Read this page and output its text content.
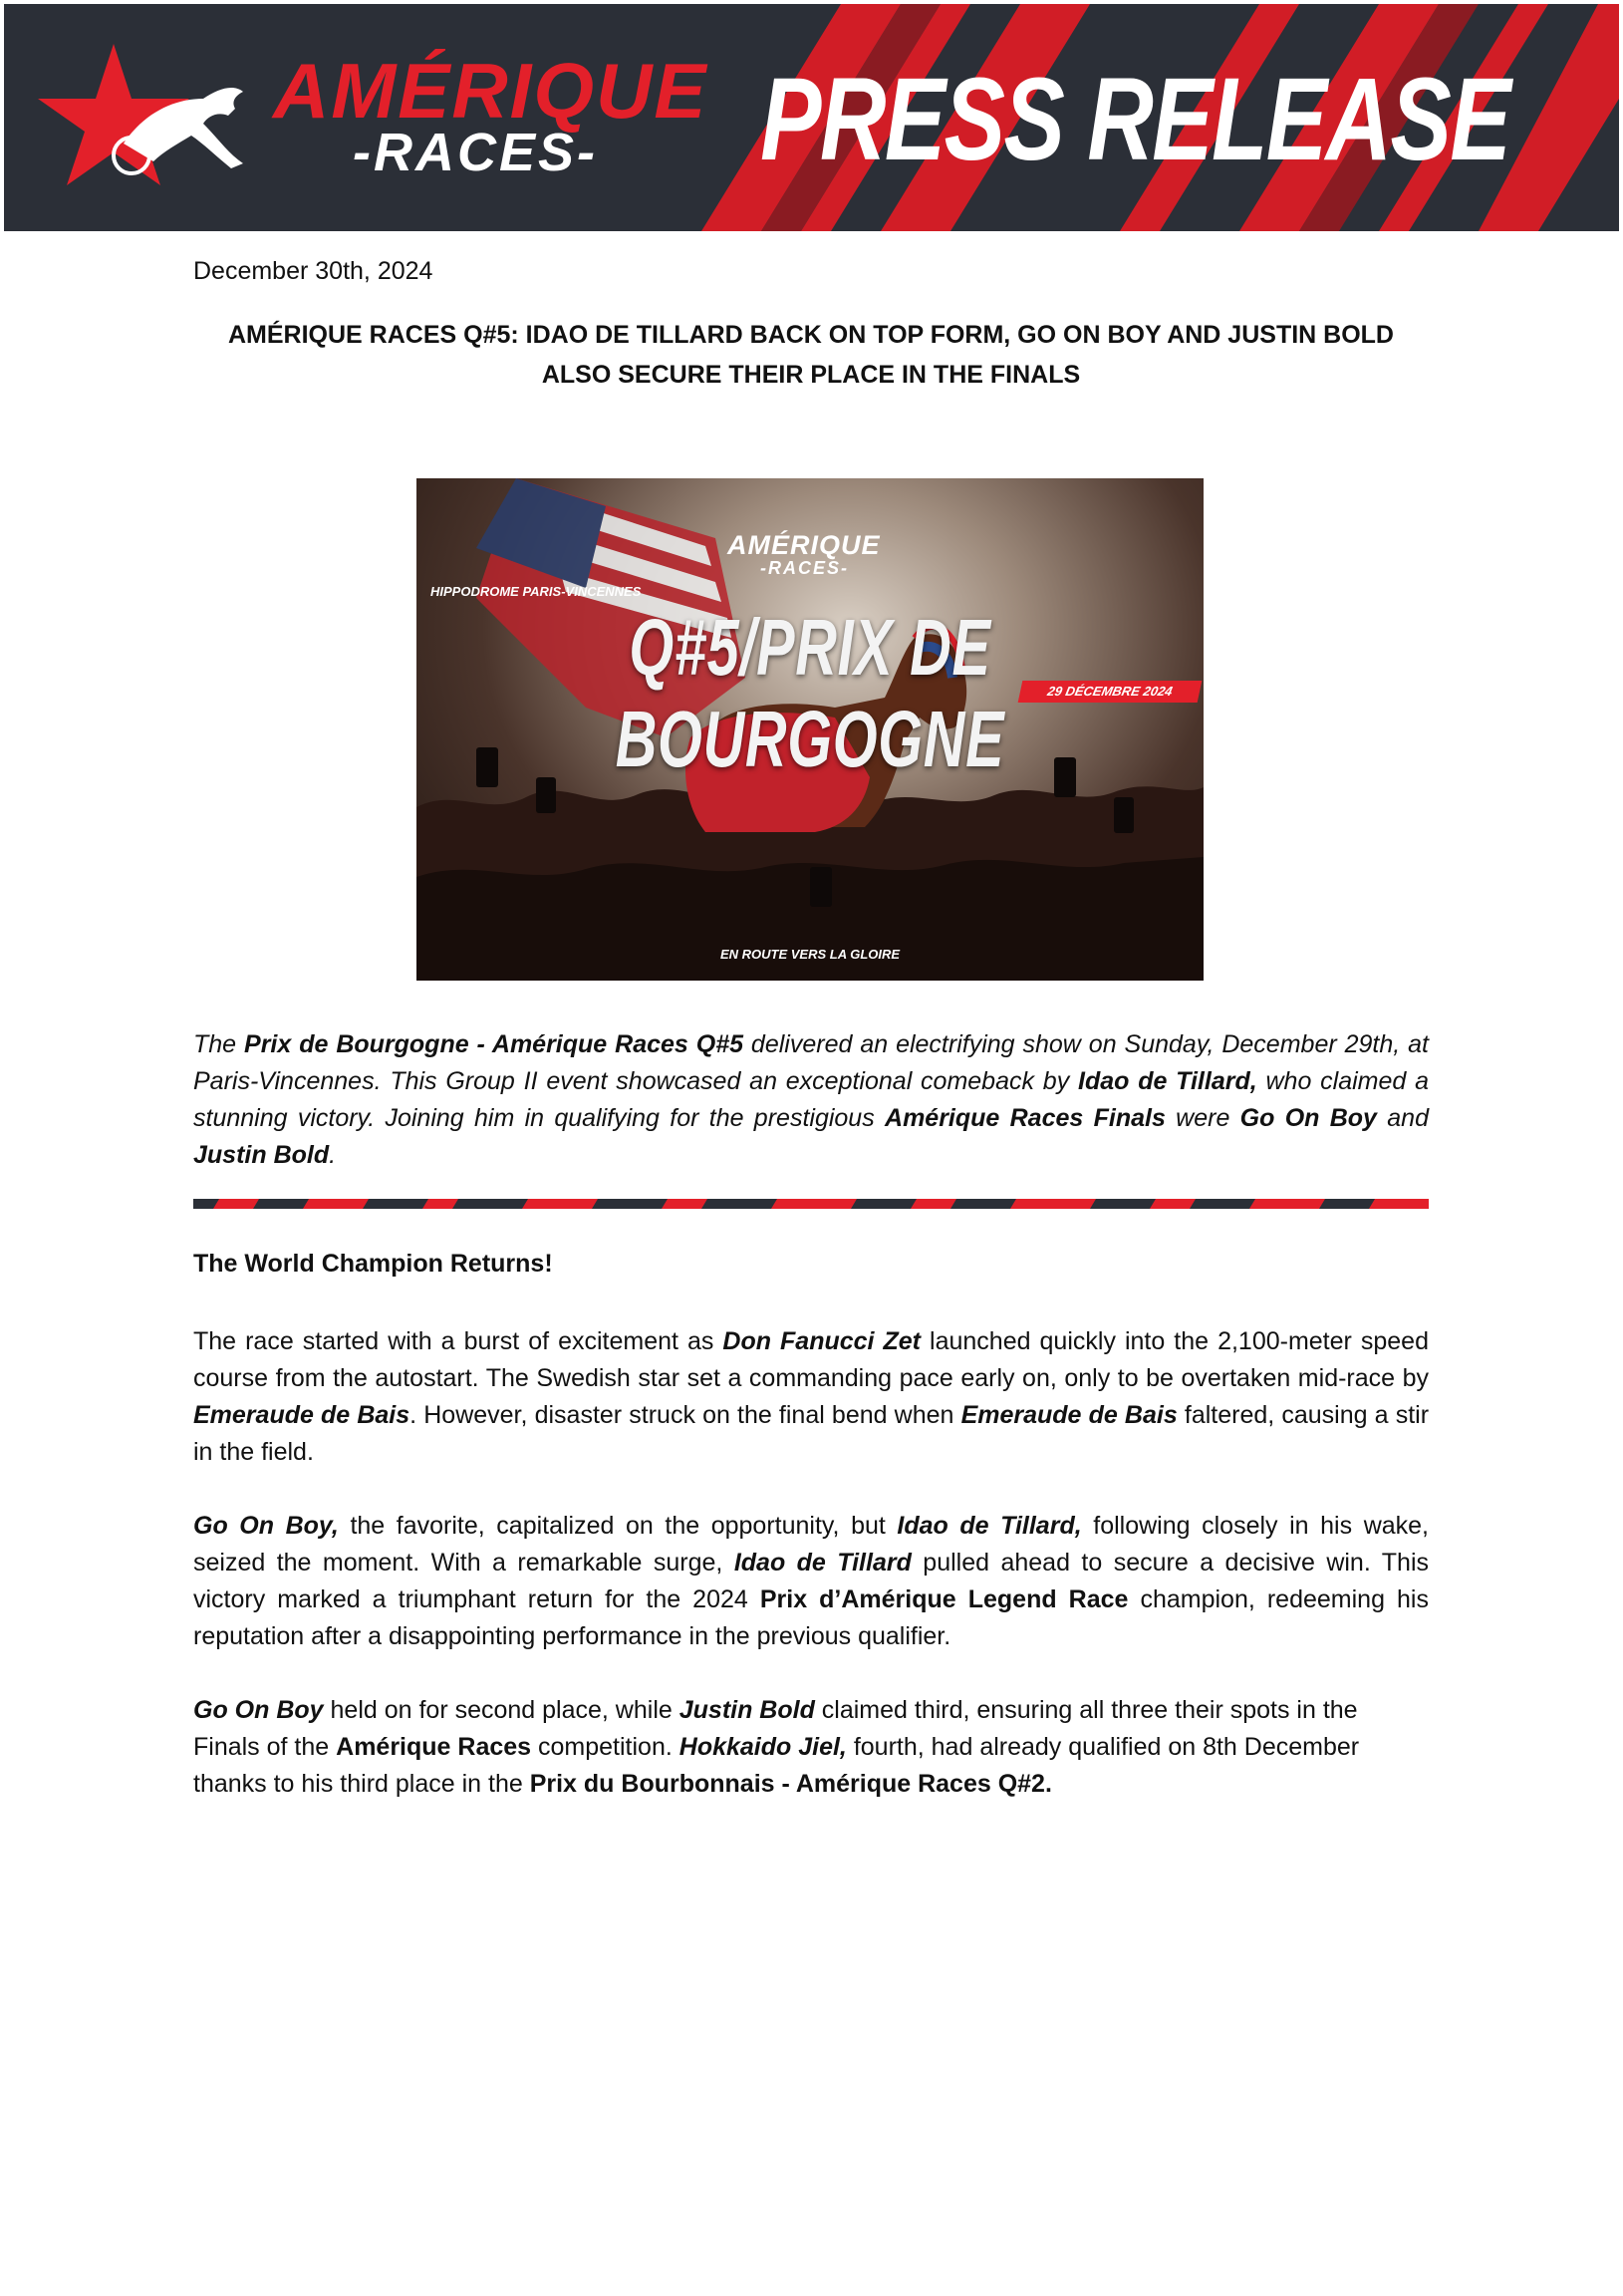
AMÉRIQUE
-RACES- PRESS RELEASE
December 30th, 2024
AMÉRIQUE RACES Q#5: IDAO DE TILLARD BACK ON TOP FORM, GO ON BOY AND JUSTIN BOLD
ALSO SECURE THEIR PLACE IN THE FINALS
AMÉRIQUE
-RACES-
HIPPODROME PARIS-VINCENNES
Q#5/PRIX DE BOURGOGNE
29 DÉCEMBRE 2024
EN ROUTE VERS LA GLOIRE
The Prix de Bourgogne - Amérique Races Q#5 delivered an electrifying show on Sunday, December 29th, at Paris-Vincennes. This Group II event showcased an exceptional comeback by Idao de Tillard, who claimed a stunning victory. Joining him in qualifying for the prestigious Amérique Races Finals were Go On Boy and Justin Bold.
The World Champion Returns!
The race started with a burst of excitement as Don Fanucci Zet launched quickly into the 2,100-meter speed course from the autostart. The Swedish star set a commanding pace early on, only to be overtaken mid-race by Emeraude de Bais. However, disaster struck on the final bend when Emeraude de Bais faltered, causing a stir in the field.
Go On Boy, the favorite, capitalized on the opportunity, but Idao de Tillard, following closely in his wake, seized the moment. With a remarkable surge, Idao de Tillard pulled ahead to secure a decisive win. This victory marked a triumphant return for the 2024 Prix d’Amérique Legend Race champion, redeeming his reputation after a disappointing performance in the previous qualifier.
Go On Boy held on for second place, while Justin Bold claimed third, ensuring all three their spots in the Finals of the Amérique Races competition. Hokkaido Jiel, fourth, had already qualified on 8th December thanks to his third place in the Prix du Bourbonnais - Amérique Races Q#2.
